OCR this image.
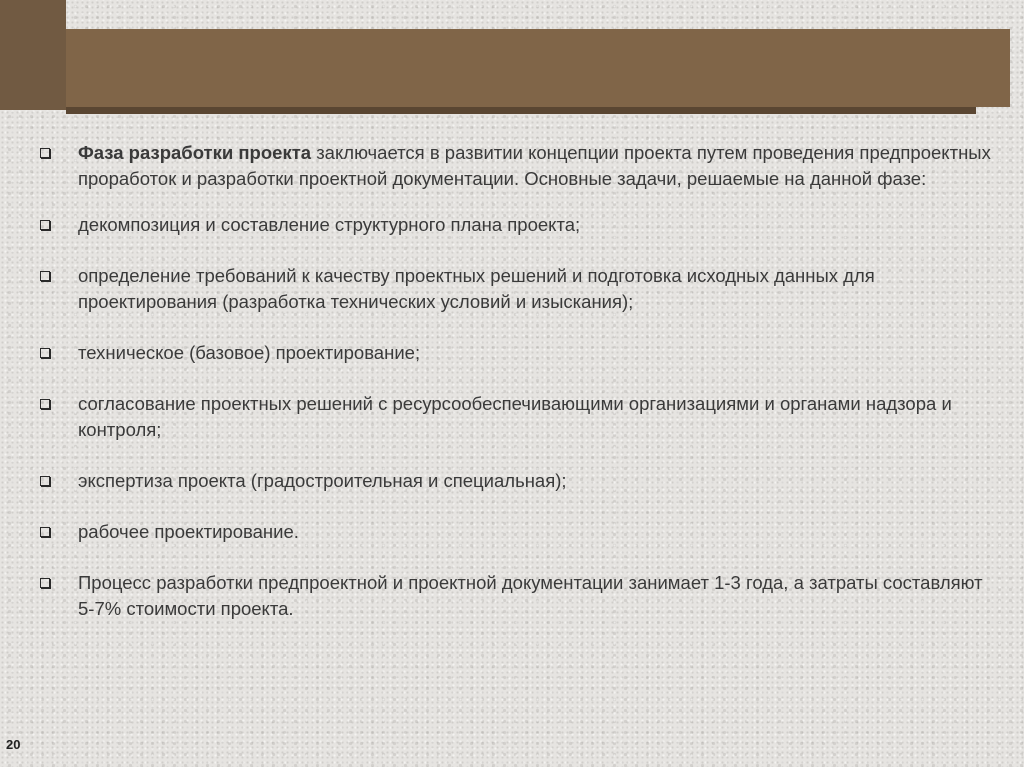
Фаза разработки проекта заключается в развитии концепции проекта путем проведения предпроектных проработок и разработки проектной документации. Основные задачи, решаемые на данной фазе:
декомпозиция и составление структурного плана проекта;
определение требований к качеству проектных решений и подготовка исходных данных для проектирования (разработка технических условий и изыскания);
техническое (базовое) проектирование;
согласование проектных решений с ресурсообеспечивающими организациями и органами надзора и контроля;
экспертиза проекта (градостроительная и специальная);
рабочее проектирование.
Процесс разработки предпроектной и проектной документации занимает 1-3 года, а затраты составляют 5-7% стоимости проекта.
20
